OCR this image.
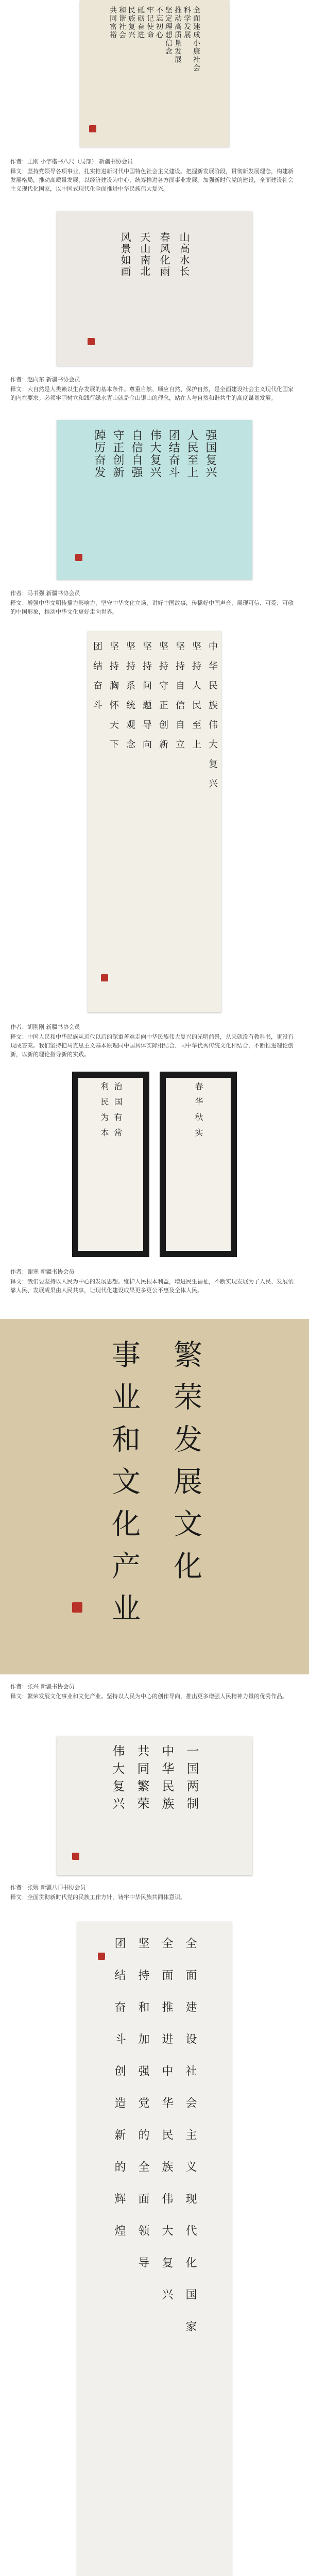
全面建成小康社会
科学发展
推动高质量发展
坚定理想信念
不忘初心
牢记使命
砥砺奋进
民族复兴
和谐社会
共同富裕

作者：王刚 小字楷书八尺（局部） 新疆书协会员

释文：坚持党领导各项事业，扎实推进新时代中国特色社会主义建设。把握新发展阶段，贯彻新发展理念，构建新发展格局，推动高质量发展，以经济建设为中心，统筹推进各方面事业发展。加强新时代党的建设，全面建设社会主义现代化国家，以中国式现代化全面推进中华民族伟大复兴。

山高水长
春风化雨
天山南北
风景如画

作者：赵向东 新疆书协会员

释文：大自然是人类赖以生存发展的基本条件。尊重自然、顺应自然、保护自然，是全面建设社会主义现代化国家的内在要求。必须牢固树立和践行绿水青山就是金山银山的理念，站在人与自然和谐共生的高度谋划发展。

强国复兴
人民至上
团结奋斗
伟大复兴
自信自强
守正创新
踔厉奋发

作者：马书强 新疆书协会员

释文：增强中华文明传播力影响力，坚守中华文化立场，讲好中国故事，传播好中国声音，展现可信、可爱、可敬的中国形象，推动中华文化更好走向世界。

中华民族伟大复兴
坚持人民至上
坚持自信自立
坚持守正创新
坚持问题导向
坚持系统观念
坚持胸怀天下
团结奋斗

作者：胡刚刚 新疆书协会员

释文：中国人民和中华民族从近代以后的深重苦难走向中华民族伟大复兴的光明前景，从来就没有教科书，更没有现成答案。我们坚持把马克思主义基本原理同中国具体实际相结合、同中华优秀传统文化相结合，不断推进理论创新，以新的理论指导新的实践。

治国有常
利民为本	春华秋实

作者：谢寒 新疆书协会员

释文：我们要坚持以人民为中心的发展思想。维护人民根本利益，增进民生福祉，不断实现发展为了人民、发展依靠人民、发展成果由人民共享，让现代化建设成果更多更公平惠及全体人民。

繁荣发展文化
事业和文化产业

作者：张兴 新疆书协会员

释文：繁荣发展文化事业和文化产业。坚持以人民为中心的创作导向，推出更多增强人民精神力量的优秀作品。

一国两制
中华民族
共同繁荣
伟大复兴

作者：张嫣 新疆八师书协会员

释文：全面贯彻新时代党的民族工作方针，铸牢中华民族共同体意识。

全面建设社会主义现代化国家
全面推进中华民族伟大复兴
坚持和加强党的全面领导
团结奋斗创造新的辉煌
